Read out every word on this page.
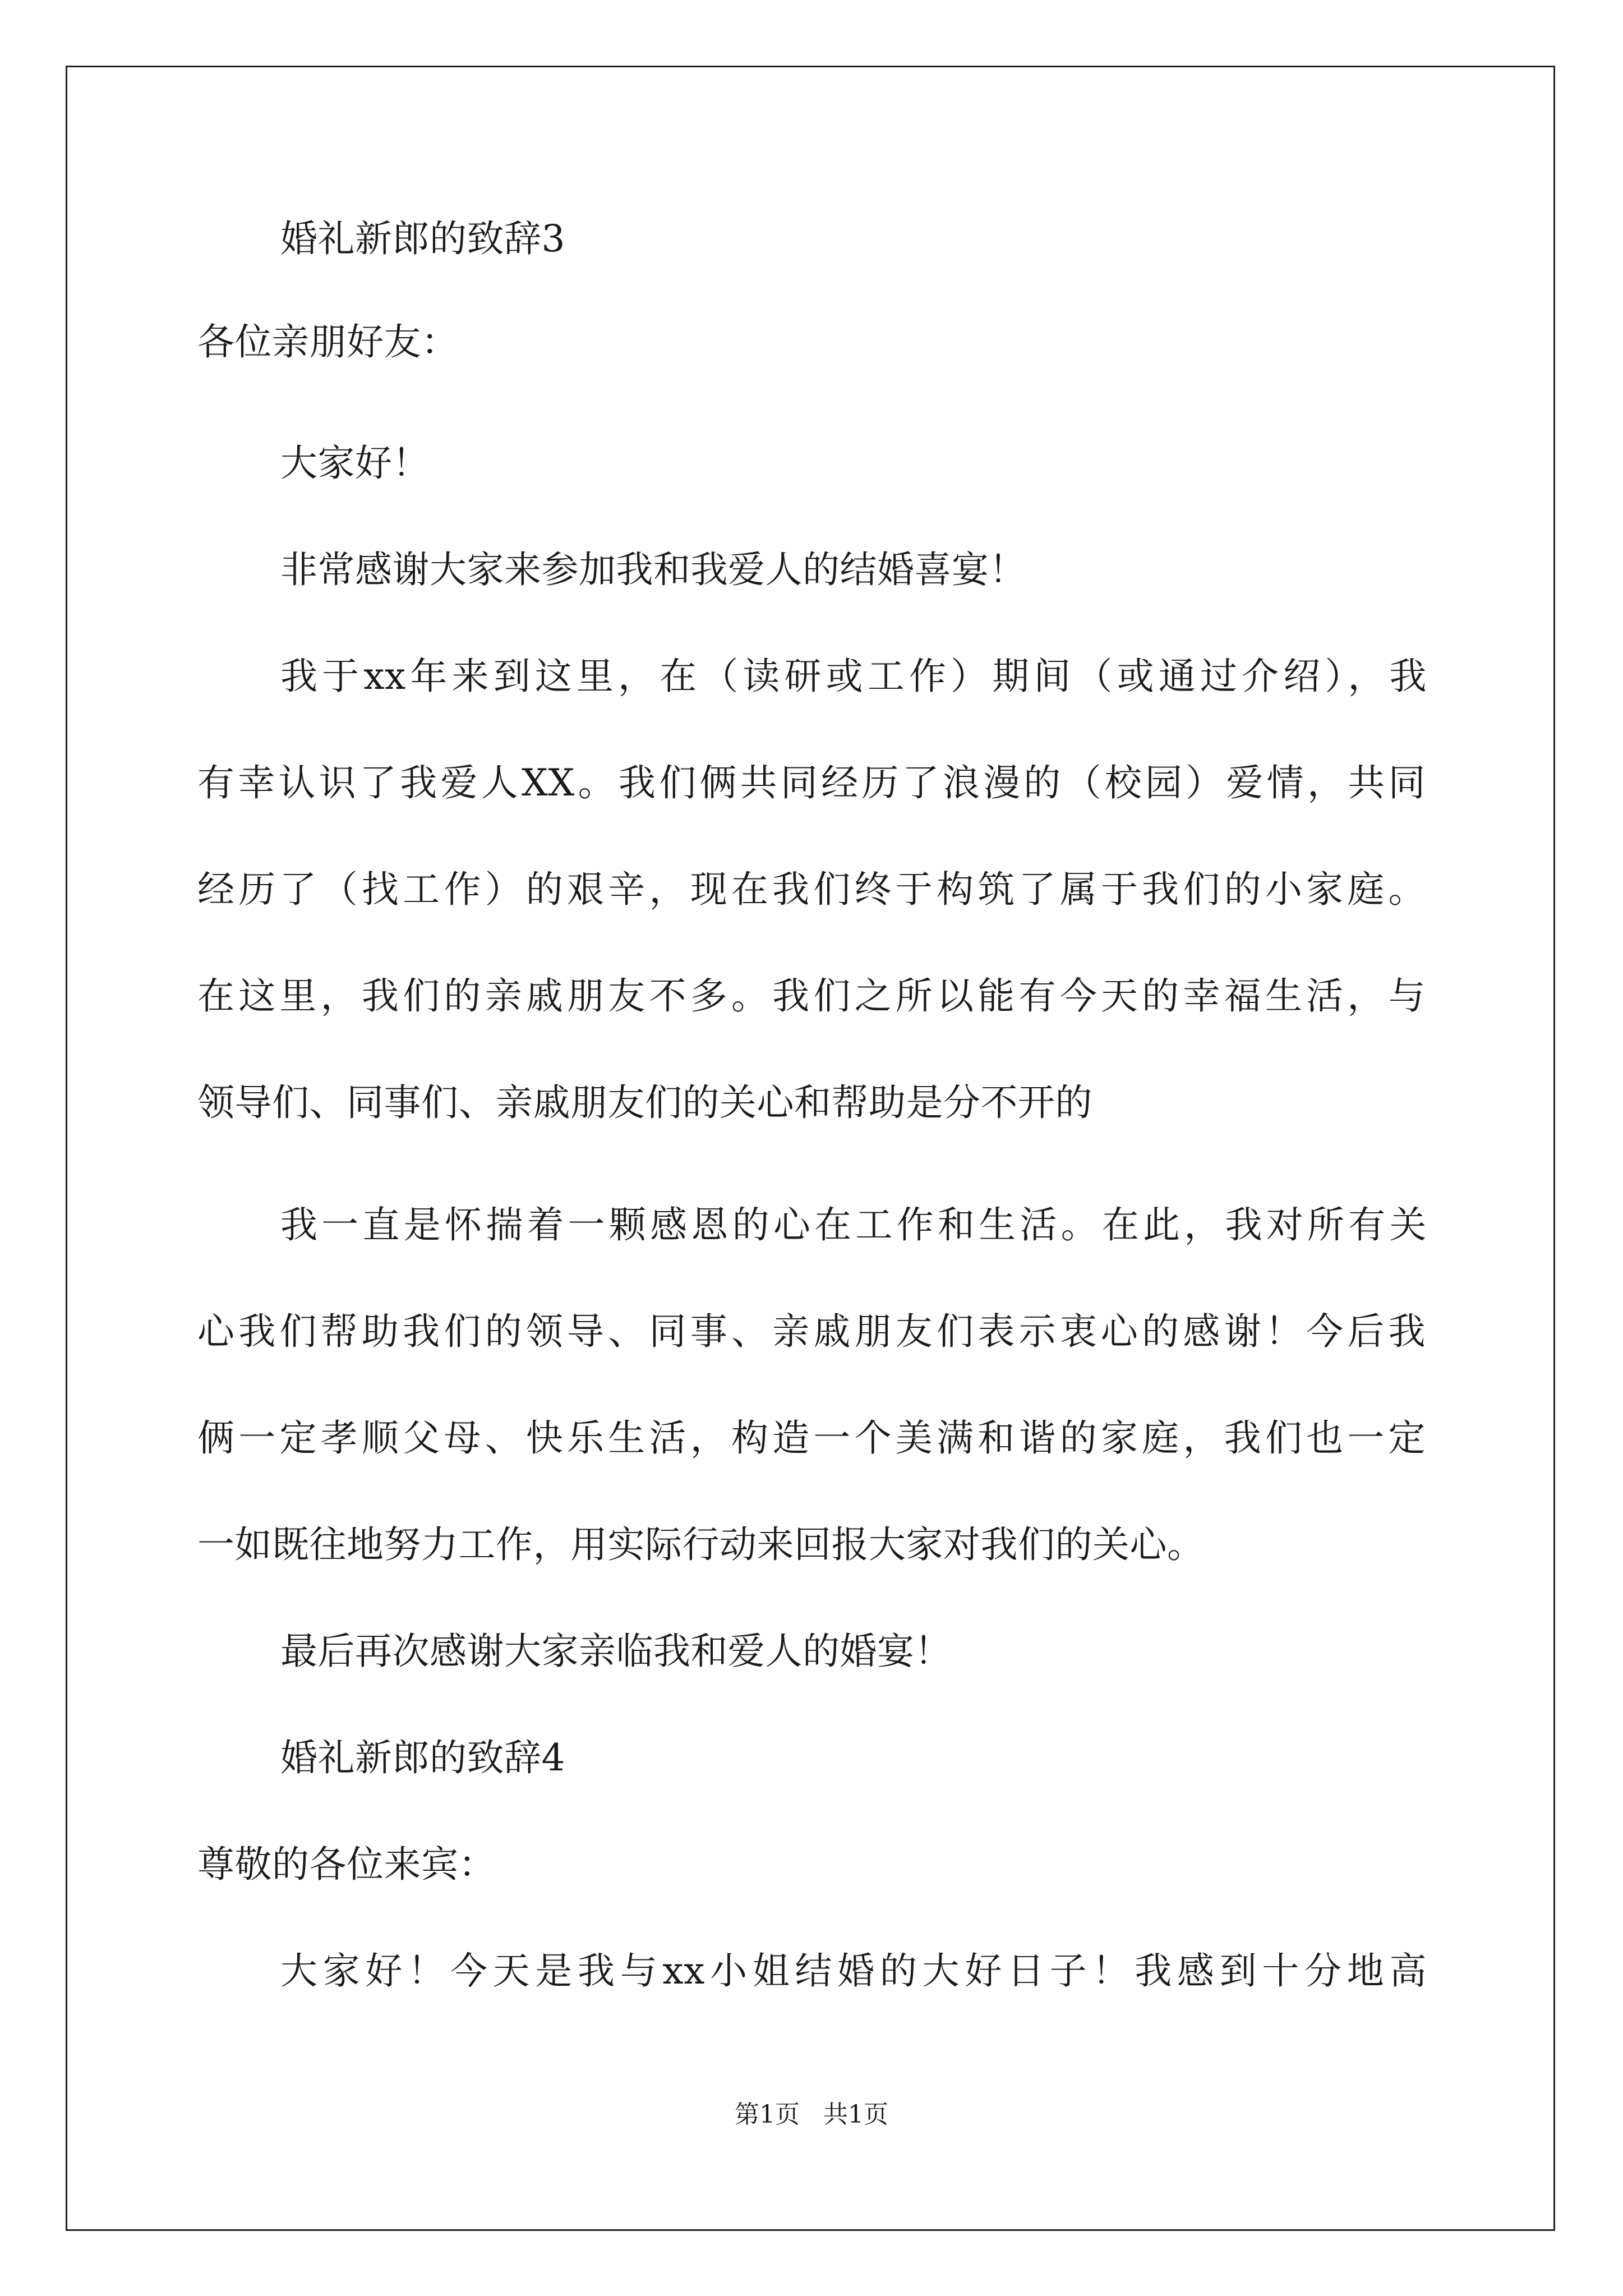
婚礼新郎的致辞3
各位亲朋好友：
大家好！
非常感谢大家来参加我和我爱人的结婚喜宴！
我于xx年来到这里，在（读研或工作）期间（或通过介绍），我
有幸认识了我爱人XX。我们俩共同经历了浪漫的（校园）爱情，共同
经历了（找工作）的艰辛，现在我们终于构筑了属于我们的小家庭。
在这里，我们的亲戚朋友不多。我们之所以能有今天的幸福生活，与
领导们、同事们、亲戚朋友们的关心和帮助是分不开的
我一直是怀揣着一颗感恩的心在工作和生活。在此，我对所有关
心我们帮助我们的领导、同事、亲戚朋友们表示衷心的感谢！今后我
俩一定孝顺父母、快乐生活，构造一个美满和谐的家庭，我们也一定
一如既往地努力工作，用实际行动来回报大家对我们的关心。
最后再次感谢大家亲临我和爱人的婚宴！
婚礼新郎的致辞4
尊敬的各位来宾：
大家好！今天是我与xx小姐结婚的大好日子！我感到十分地高
第1页   共1页
